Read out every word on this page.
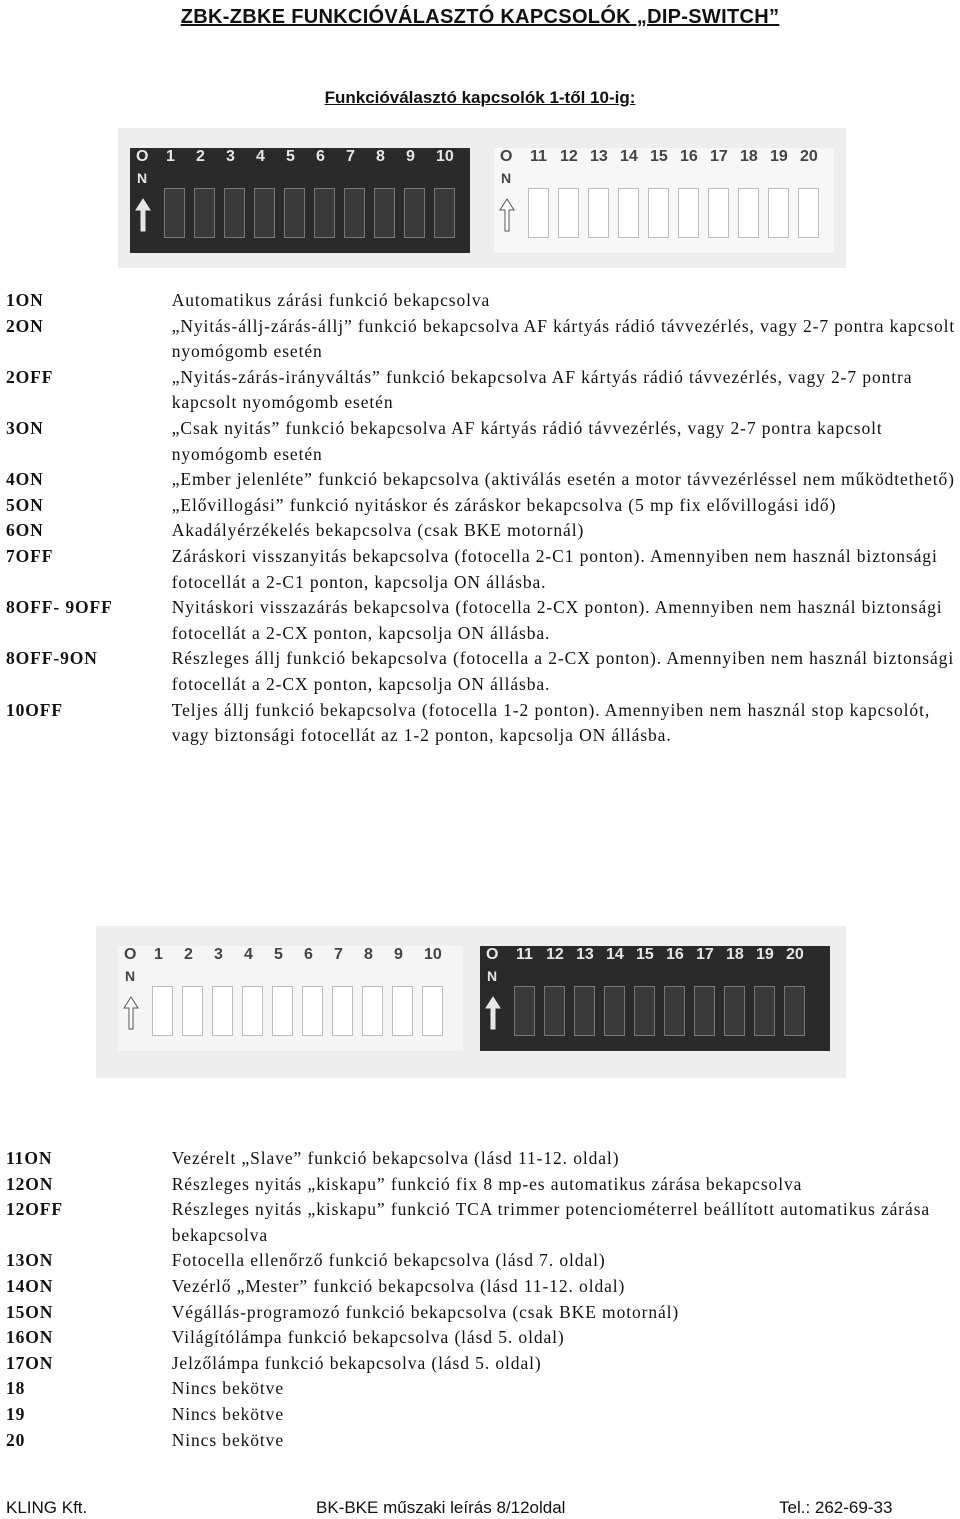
ZBK-ZBKE FUNKCIÓVÁLASZTÓ KAPCSOLÓK „DIP-SWITCH”
Funkcióválasztó kapcsolók 1-től 10-ig:
O 1 2 3 4 5 6 7 8 9 10
N
O 11 12 13 14 15 16 17 18 19 20
N
1ON	Automatikus zárási funkció bekapcsolva
2ON	„Nyitás-állj-zárás-állj” funkció bekapcsolva AF kártyás rádió távvezérlés, vagy 2-7 pontra kapcsolt nyomógomb esetén
2OFF	„Nyitás-zárás-irányváltás” funkció bekapcsolva AF kártyás rádió távvezérlés, vagy 2-7 pontra kapcsolt nyomógomb esetén
3ON	„Csak nyitás” funkció bekapcsolva AF kártyás rádió távvezérlés, vagy 2-7 pontra kapcsolt nyomógomb esetén
4ON	„Ember jelenléte” funkció bekapcsolva (aktiválás esetén a motor távvezérléssel nem működtethető)
5ON	„Elővillogási” funkció nyitáskor és záráskor bekapcsolva (5 mp fix elővillogási idő)
6ON	Akadályérzékelés bekapcsolva (csak BKE motornál)
7OFF	Záráskori visszanyitás bekapcsolva (fotocella 2-C1 ponton). Amennyiben nem használ biztonsági fotocellát a 2-C1 ponton, kapcsolja ON állásba.
8OFF- 9OFF	Nyitáskori visszazárás bekapcsolva (fotocella 2-CX ponton). Amennyiben nem használ biztonsági fotocellát a 2-CX ponton, kapcsolja ON állásba.
8OFF-9ON	Részleges állj funkció bekapcsolva (fotocella a 2-CX ponton). Amennyiben nem használ biztonsági fotocellát a 2-CX ponton, kapcsolja ON állásba.
10OFF	Teljes állj funkció bekapcsolva (fotocella 1-2 ponton). Amennyiben nem használ stop kapcsolót, vagy biztonsági fotocellát az 1-2 ponton, kapcsolja ON állásba.
O 1 2 3 4 5 6 7 8 9 10
N
O 11 12 13 14 15 16 17 18 19 20
N
11ON	Vezérelt „Slave” funkció bekapcsolva (lásd 11-12. oldal)
12ON	Részleges nyitás „kiskapu” funkció fix 8 mp-es automatikus zárása bekapcsolva
12OFF	Részleges nyitás „kiskapu” funkció TCA trimmer potenciométerrel beállított automatikus zárása bekapcsolva
13ON	Fotocella ellenőrző funkció bekapcsolva (lásd 7. oldal)
14ON	Vezérlő „Mester” funkció bekapcsolva (lásd 11-12. oldal)
15ON	Végállás-programozó funkció bekapcsolva (csak BKE motornál)
16ON	Világítólámpa funkció bekapcsolva (lásd 5. oldal)
17ON	Jelzőlámpa funkció bekapcsolva (lásd 5. oldal)
18	Nincs bekötve
19	Nincs bekötve
20	Nincs bekötve
KLING Kft.	BK-BKE műszaki leírás 8/12oldal	Tel.: 262-69-33
